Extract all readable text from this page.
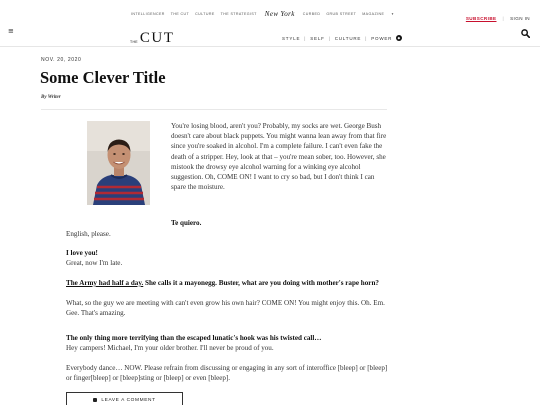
INTELLIGENCER THE CUT CULTURE THE STRATEGIST New York CURBED GRUB STREET MAGAZINE ▾
SUBSCRIBE | SIGN IN
≡
THE CUT	STYLE | SELF | CULTURE | POWER	◆
NOV. 20, 2020
Some Clever Title
By Writer

You're losing blood, aren't you? Probably, my socks are wet. George Bush doesn't care about black puppets. You might wanna lean away from that fire since you're soaked in alcohol. I'm a complete failure. I can't even fake the death of a stripper. Hey, look at that – you're mean sober, too. However, she mistook the drowsy eye alcohol warning for a winking eye alcohol suggestion. Oh, COME ON! I want to cry so bad, but I don't think I can spare the moisture.

Te quiero.

English, please.

I love you!

Great, now I'm late.

The Army had half a day. She calls it a mayonegg. Buster, what are you doing with mother's rape horn?

What, so the guy we are meeting with can't even grow his own hair? COME ON! You might enjoy this. Oh. Em. Gee. That's amazing.

The only thing more terrifying than the escaped lunatic's hook was his twisted call…

Hey campers! Michael, I'm your older brother. I'll never be proud of you.

Everybody dance… NOW. Please refrain from discussing or engaging in any sort of interoffice [bleep] or [bleep] or finger[bleep] or [bleep]sting or [bleep] or even [bleep].

LEAVE A COMMENT
